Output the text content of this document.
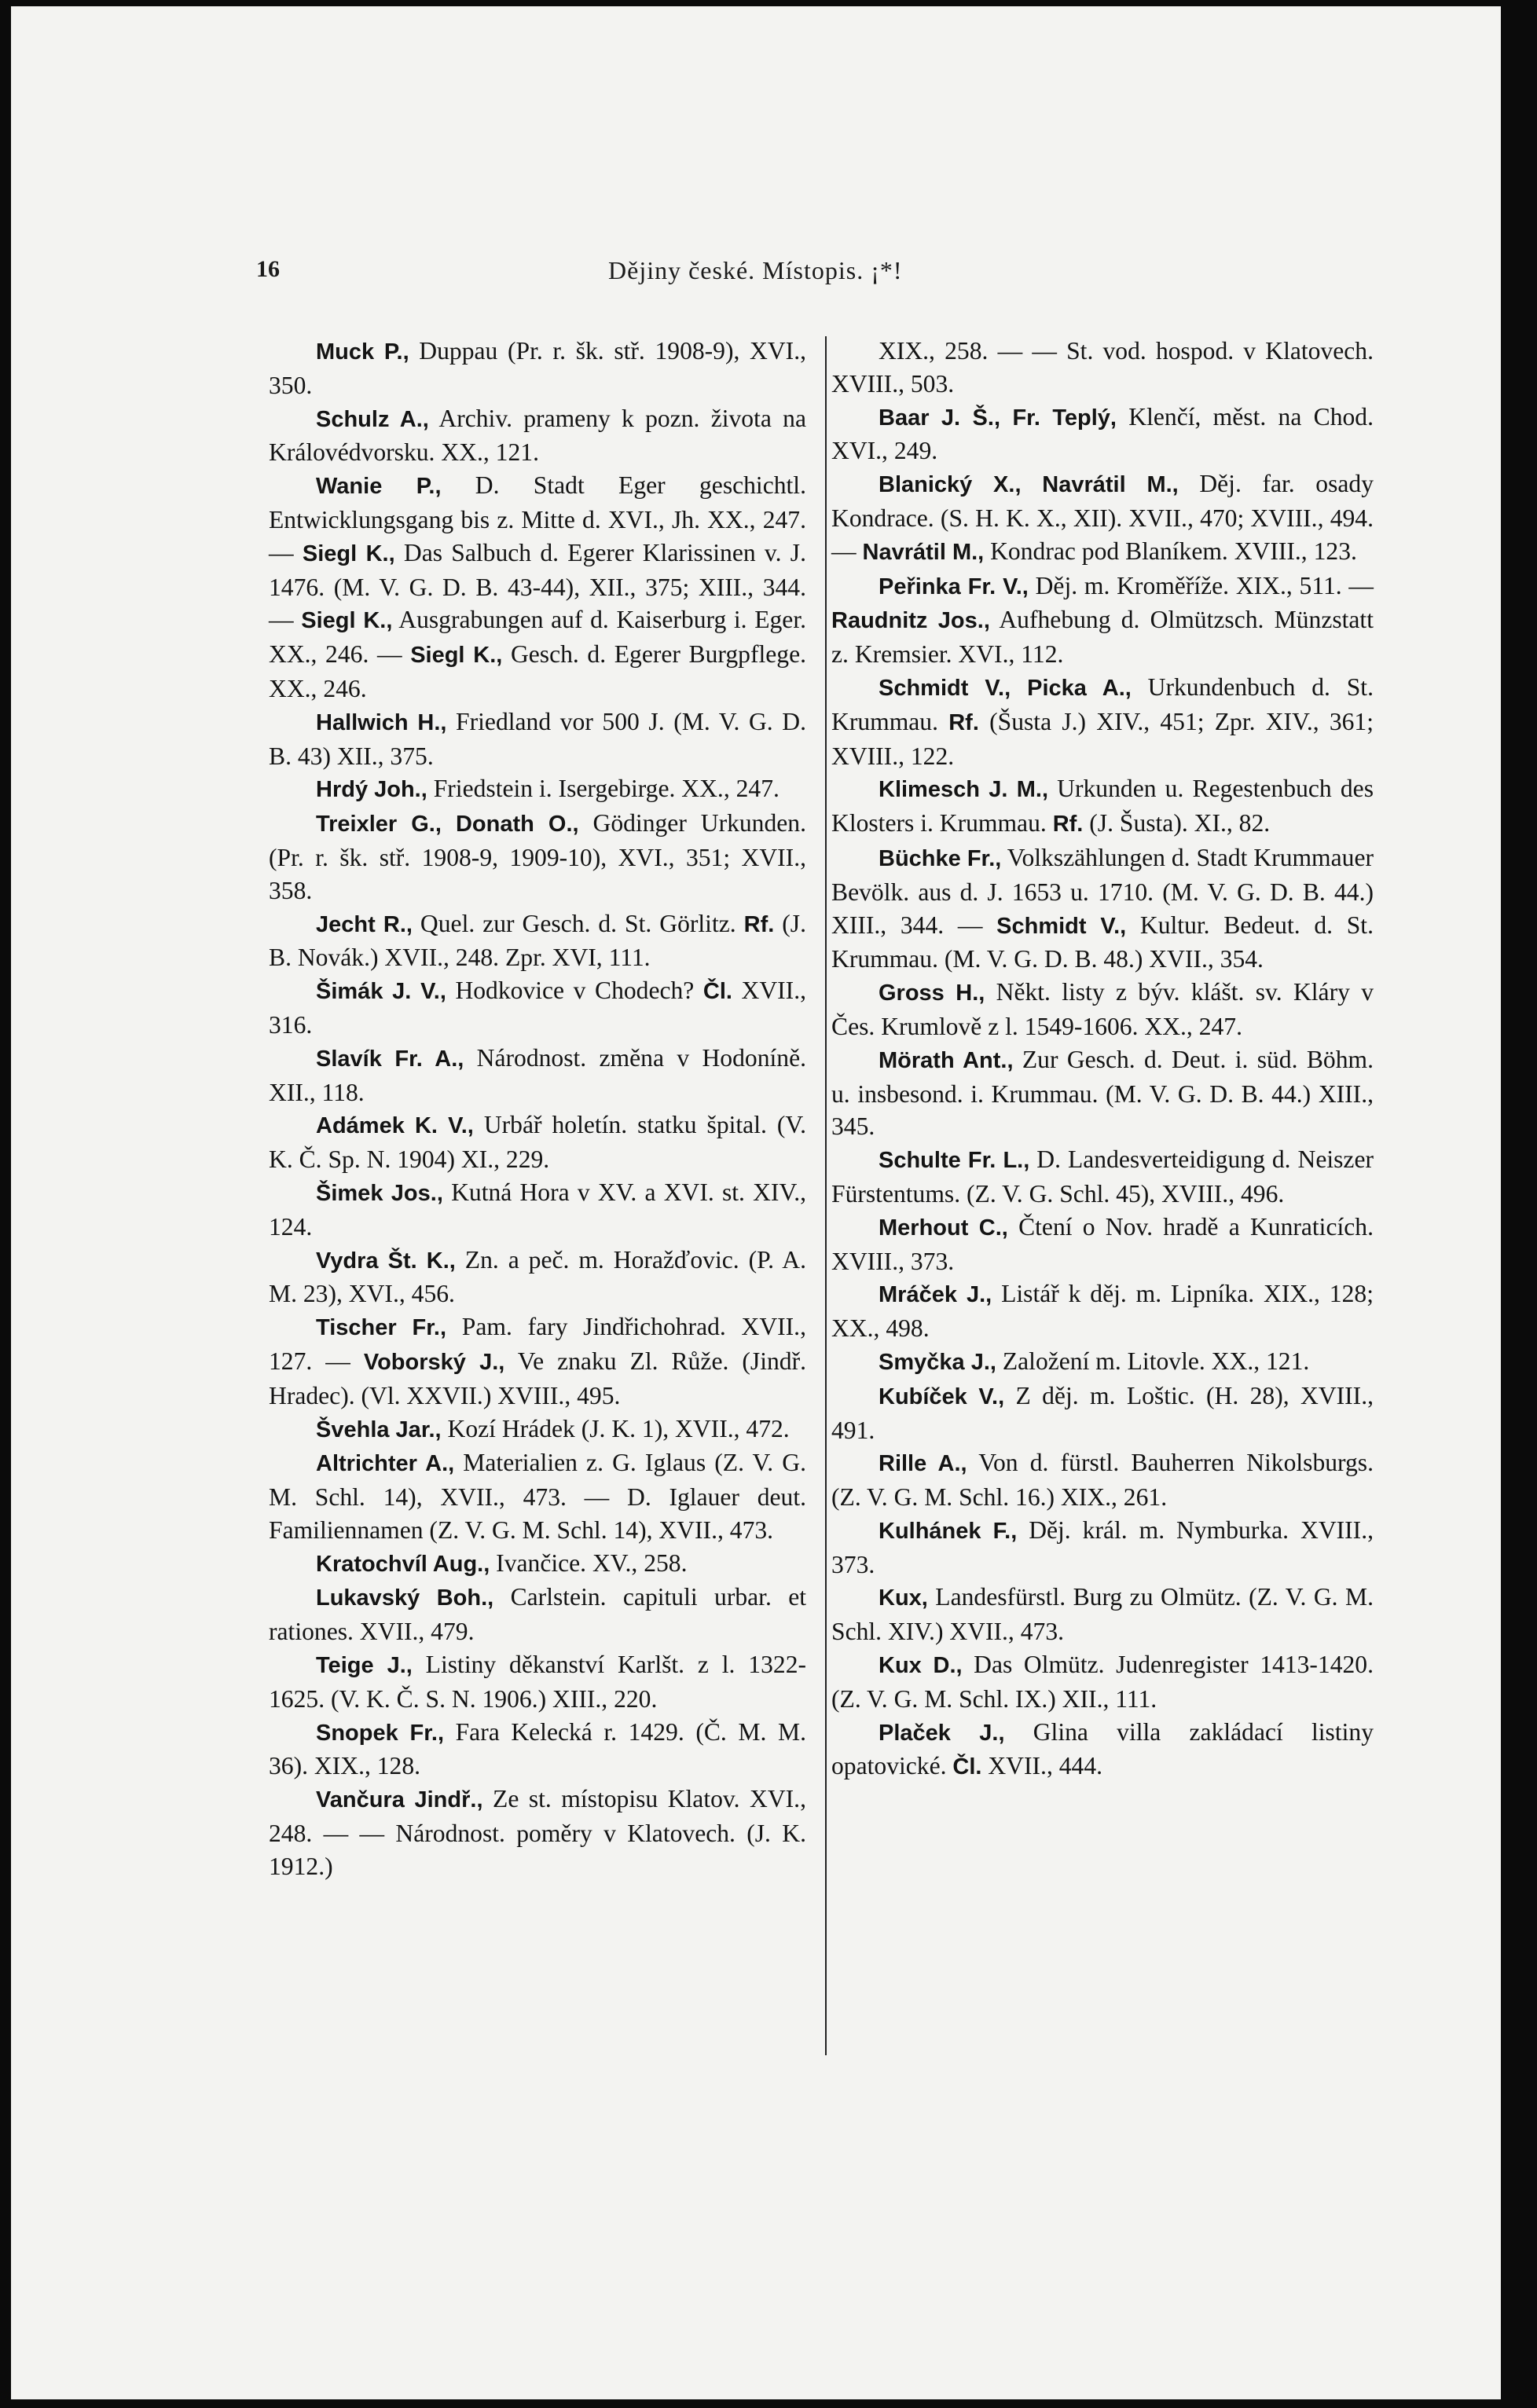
16	Dějiny české. Místopis. ¡*!

Muck P., Duppau (Pr. r. šk. stř. 1908-9), XVI., 350.

Schulz A., Archiv. prameny k pozn. života na Královédvorsku. XX., 121.

Wanie P., D. Stadt Eger geschichtl. Entwicklungsgang bis z. Mitte d. XVI., Jh. XX., 247. — Siegl K., Das Salbuch d. Egerer Klarissinen v. J. 1476. (M. V. G. D. B. 43-44), XII., 375; XIII., 344. — Siegl K., Ausgrabungen auf d. Kaiserburg i. Eger. XX., 246. — Siegl K., Gesch. d. Egerer Burgpflege. XX., 246.

Hallwich H., Friedland vor 500 J. (M. V. G. D. B. 43) XII., 375.

Hrdý Joh., Friedstein i. Isergebirge. XX., 247.

Treixler G., Donath O., Gödinger Urkunden. (Pr. r. šk. stř. 1908-9, 1909-10), XVI., 351; XVII., 358.

Jecht R., Quel. zur Gesch. d. St. Görlitz. Rf. (J. B. Novák.) XVII., 248. Zpr. XVI, 111.

Šimák J. V., Hodkovice v Chodech? Čl. XVII., 316.

Slavík Fr. A., Národnost. změna v Hodoníně. XII., 118.

Adámek K. V., Urbář holetín. statku špital. (V. K. Č. Sp. N. 1904) XI., 229.

Šimek Jos., Kutná Hora v XV. a XVI. st. XIV., 124.

Vydra Št. K., Zn. a peč. m. Horažďovic. (P. A. M. 23), XVI., 456.

Tischer Fr., Pam. fary Jindřichohrad. XVII., 127. — Voborský J., Ve znaku Zl. Růže. (Jindř. Hradec). (Vl. XXVII.) XVIII., 495.

Švehla Jar., Kozí Hrádek (J. K. 1), XVII., 472.

Altrichter A., Materialien z. G. Iglaus (Z. V. G. M. Schl. 14), XVII., 473. — D. Iglauer deut. Familiennamen (Z. V. G. M. Schl. 14), XVII., 473.

Kratochvíl Aug., Ivančice. XV., 258.

Lukavský Boh., Carlstein. capituli urbar. et rationes. XVII., 479.

Teige J., Listiny děkanství Karlšt. z l. 1322-1625. (V. K. Č. S. N. 1906.) XIII., 220.

Snopek Fr., Fara Kelecká r. 1429. (Č. M. M. 36). XIX., 128.

Vančura Jindř., Ze st. místopisu Klatov. XVI., 248. — — Národnost. poměry v Klatovech. (J. K. 1912.)

XIX., 258. — — St. vod. hospod. v Klatovech. XVIII., 503.

Baar J. Š., Fr. Teplý, Klenčí, měst. na Chod. XVI., 249.

Blanický X., Navrátil M., Děj. far. osady Kondrace. (S. H. K. X., XII). XVII., 470; XVIII., 494. — Navrátil M., Kondrac pod Blaníkem. XVIII., 123.

Peřinka Fr. V., Děj. m. Kroměříže. XIX., 511. — Raudnitz Jos., Aufhebung d. Olmützsch. Münzstatt z. Kremsier. XVI., 112.

Schmidt V., Picka A., Urkundenbuch d. St. Krummau. Rf. (Šusta J.) XIV., 451; Zpr. XIV., 361; XVIII., 122.

Klimesch J. M., Urkunden u. Regestenbuch des Klosters i. Krummau. Rf. (J. Šusta). XI., 82.

Büchke Fr., Volkszählungen d. Stadt Krummauer Bevölk. aus d. J. 1653 u. 1710. (M. V. G. D. B. 44.) XIII., 344. — Schmidt V., Kultur. Bedeut. d. St. Krummau. (M. V. G. D. B. 48.) XVII., 354.

Gross H., Někt. listy z býv. klášt. sv. Kláry v Čes. Krumlově z l. 1549-1606. XX., 247.

Mörath Ant., Zur Gesch. d. Deut. i. süd. Böhm. u. insbesond. i. Krummau. (M. V. G. D. B. 44.) XIII., 345.

Schulte Fr. L., D. Landesverteidigung d. Neiszer Fürstentums. (Z. V. G. Schl. 45), XVIII., 496.

Merhout C., Čtení o Nov. hradě a Kunraticích. XVIII., 373.

Mráček J., Listář k děj. m. Lipníka. XIX., 128; XX., 498.

Smyčka J., Založení m. Litovle. XX., 121.

Kubíček V., Z děj. m. Loštic. (H. 28), XVIII., 491.

Rille A., Von d. fürstl. Bauherren Nikolsburgs. (Z. V. G. M. Schl. 16.) XIX., 261.

Kulhánek F., Děj. král. m. Nymburka. XVIII., 373.

Kux, Landesfürstl. Burg zu Olmütz. (Z. V. G. M. Schl. XIV.) XVII., 473.

Kux D., Das Olmütz. Judenregister 1413-1420. (Z. V. G. M. Schl. IX.) XII., 111.

Plaček J., Glina villa zakládací listiny opatovické. Čl. XVII., 444.
